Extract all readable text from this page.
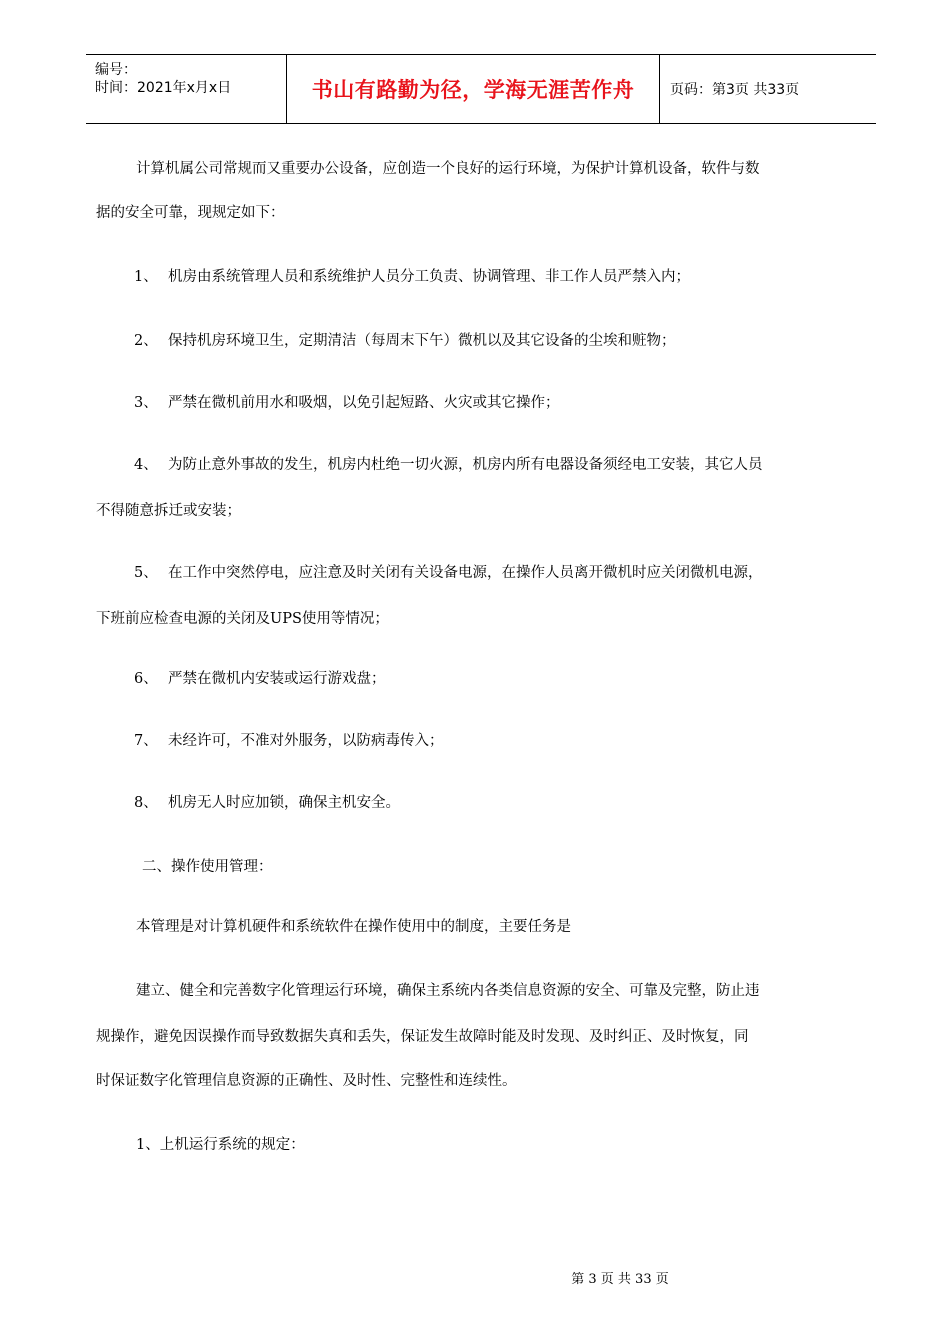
编号：
时间：2021年x月x日	书山有路勤为径，学海无涯苦作舟	页码：第3页 共33页
计算机属公司常规而又重要办公设备，应创造一个良好的运行环境，为保护计算机设备，软件与数
据的安全可靠，现规定如下：
1、 机房由系统管理人员和系统维护人员分工负责、协调管理、非工作人员严禁入内；
2、 保持机房环境卫生，定期清洁（每周末下午）微机以及其它设备的尘埃和赃物；
3、 严禁在微机前用水和吸烟，以免引起短路、火灾或其它操作；
4、 为防止意外事故的发生，机房内杜绝一切火源，机房内所有电器设备须经电工安装，其它人员
不得随意拆迁或安装；
5、 在工作中突然停电，应注意及时关闭有关设备电源，在操作人员离开微机时应关闭微机电源，
下班前应检查电源的关闭及UPS使用等情况；
6、 严禁在微机内安装或运行游戏盘；
7、 未经许可，不准对外服务，以防病毒传入；
8、 机房无人时应加锁，确保主机安全。
二、操作使用管理：
本管理是对计算机硬件和系统软件在操作使用中的制度，主要任务是
建立、健全和完善数字化管理运行环境，确保主系统内各类信息资源的安全、可靠及完整，防止违
规操作，避免因误操作而导致数据失真和丢失，保证发生故障时能及时发现、及时纠正、及时恢复，同
时保证数字化管理信息资源的正确性、及时性、完整性和连续性。
1、上机运行系统的规定：
第 3 页 共 33 页
